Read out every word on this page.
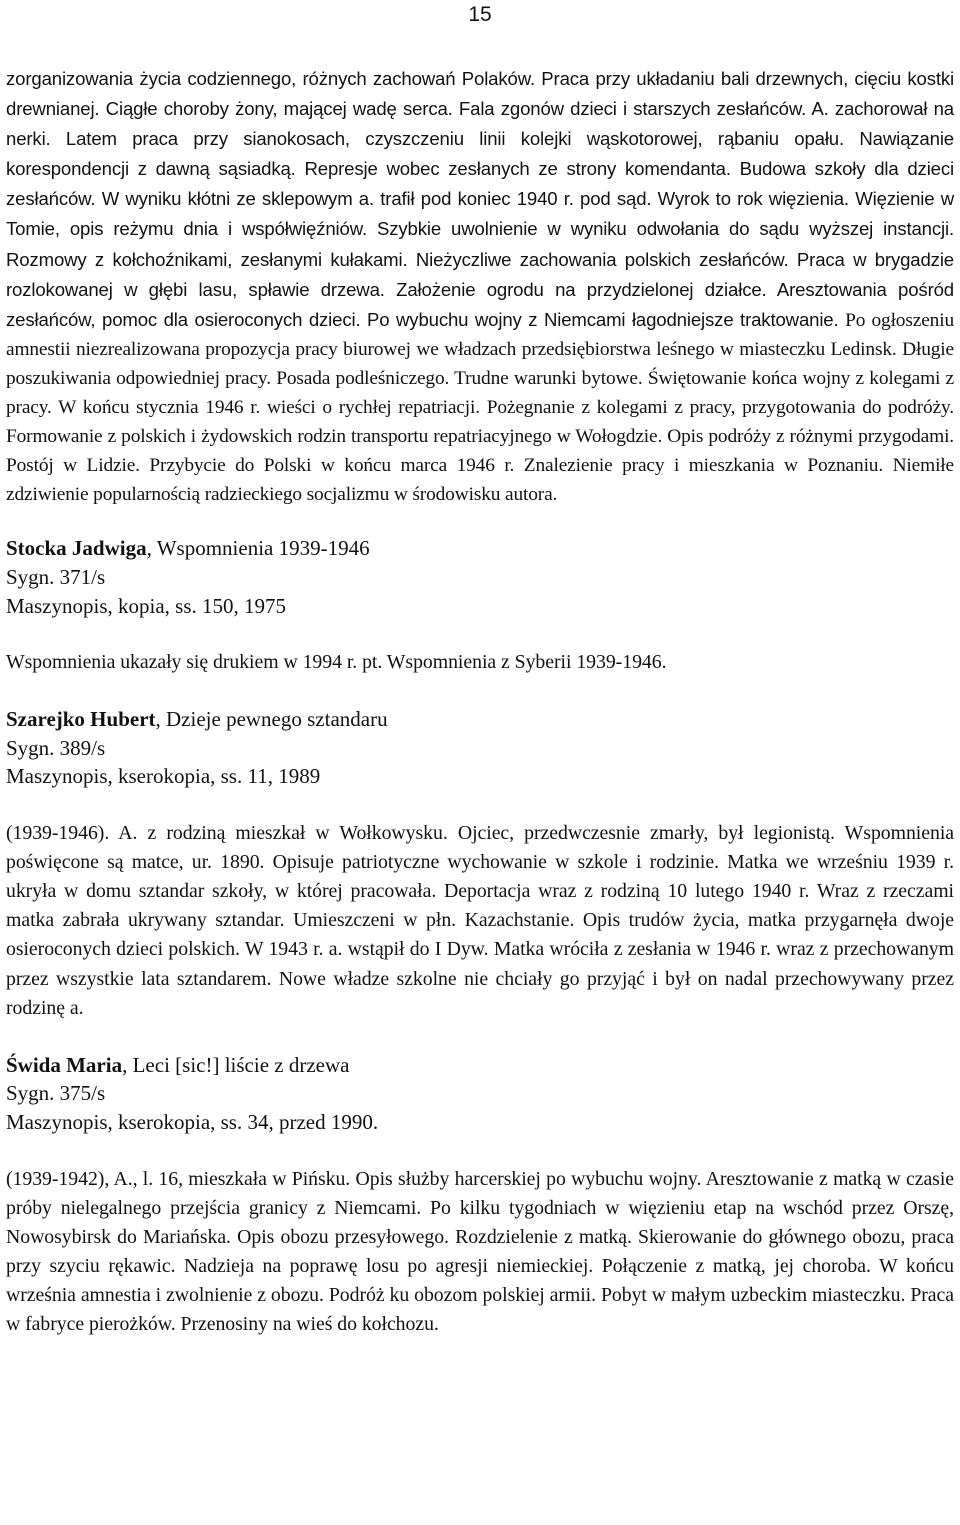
15

zorganizowania życia codziennego, różnych zachowań Polaków. Praca przy układaniu bali drzewnych, cięciu kostki drewnianej. Ciągłe choroby żony, mającej wadę serca. Fala zgonów dzieci i starszych zesłańców. A. zachorował na nerki. Latem praca przy sianokosach, czyszczeniu linii kolejki wąskotorowej, rąbaniu opału. Nawiązanie korespondencji z dawną sąsiadką. Represje wobec zesłanych ze strony komendanta. Budowa szkoły dla dzieci zesłańców. W wyniku kłótni ze sklepowym a. trafił pod koniec 1940 r. pod sąd. Wyrok to rok więzienia. Więzienie w Tomie, opis reżymu dnia i współwięźniów. Szybkie uwolnienie w wyniku odwołania do sądu wyższej instancji. Rozmowy z kołchoźnikami, zesłanymi kułakami. Nieżyczliwe zachowania polskich zesłańców. Praca w brygadzie rozlokowanej w głębi lasu, spławie drzewa. Założenie ogrodu na przydzielonej działce. Aresztowania pośród zesłańców, pomoc dla osieroconych dzieci. Po wybuchu wojny z Niemcami łagodniejsze traktowanie. Po ogłoszeniu amnestii niezrealizowana propozycja pracy biurowej we władzach przedsiębiorstwa leśnego w miasteczku Ledinsk. Długie poszukiwania odpowiedniej pracy. Posada podleśniczego. Trudne warunki bytowe. Świętowanie końca wojny z kolegami z pracy. W końcu stycznia 1946 r. wieści o rychłej repatriacji. Pożegnanie z kolegami z pracy, przygotowania do podróży. Formowanie z polskich i żydowskich rodzin transportu repatriacyjnego w Wołogdzie. Opis podróży z różnymi przygodami. Postój w Lidzie. Przybycie do Polski w końcu marca 1946 r. Znalezienie pracy i mieszkania w Poznaniu. Niemiłe zdziwienie popularnością radzieckiego socjalizmu w środowisku autora.

Stocka Jadwiga, Wspomnienia 1939-1946

Sygn. 371/s

Maszynopis, kopia, ss. 150, 1975

Wspomnienia ukazały się drukiem w 1994 r. pt. Wspomnienia z Syberii 1939-1946.

Szarejko Hubert, Dzieje pewnego sztandaru

Sygn. 389/s

Maszynopis, kserokopia, ss. 11, 1989

(1939-1946). A. z rodziną mieszkał w Wołkowysku. Ojciec, przedwczesnie zmarły, był legionistą. Wspomnienia poświęcone są matce, ur. 1890. Opisuje patriotyczne wychowanie w szkole i rodzinie. Matka we wrześniu 1939 r. ukryła w domu sztandar szkoły, w której pracowała. Deportacja wraz z rodziną 10 lutego 1940 r. Wraz z rzeczami matka zabrała ukrywany sztandar. Umieszczeni w płn. Kazachstanie. Opis trudów życia, matka przygarnęła dwoje osieroconych dzieci polskich. W 1943 r. a. wstąpił do I Dyw. Matka wróciła z zesłania w 1946 r. wraz z przechowanym przez wszystkie lata sztandarem. Nowe władze szkolne nie chciały go przyjąć i był on nadal przechowywany przez rodzinę a.

Świda Maria, Leci [sic!] liście z drzewa

Sygn. 375/s

Maszynopis, kserokopia, ss. 34, przed 1990.

(1939-1942), A., l. 16, mieszkała w Pińsku. Opis służby harcerskiej po wybuchu wojny. Aresztowanie z matką w czasie próby nielegalnego przejścia granicy z Niemcami. Po kilku tygodniach w więzieniu etap na wschód przez Orszę, Nowosybirsk do Mariańska. Opis obozu przesyłowego. Rozdzielenie z matką. Skierowanie do głównego obozu, praca przy szyciu rękawic. Nadzieja na poprawę losu po agresji niemieckiej. Połączenie z matką, jej choroba. W końcu września amnestia i zwolnienie z obozu. Podróż ku obozom polskiej armii. Pobyt w małym uzbeckim miasteczku. Praca w fabryce pierożków. Przenosiny na wieś do kołchozu.
